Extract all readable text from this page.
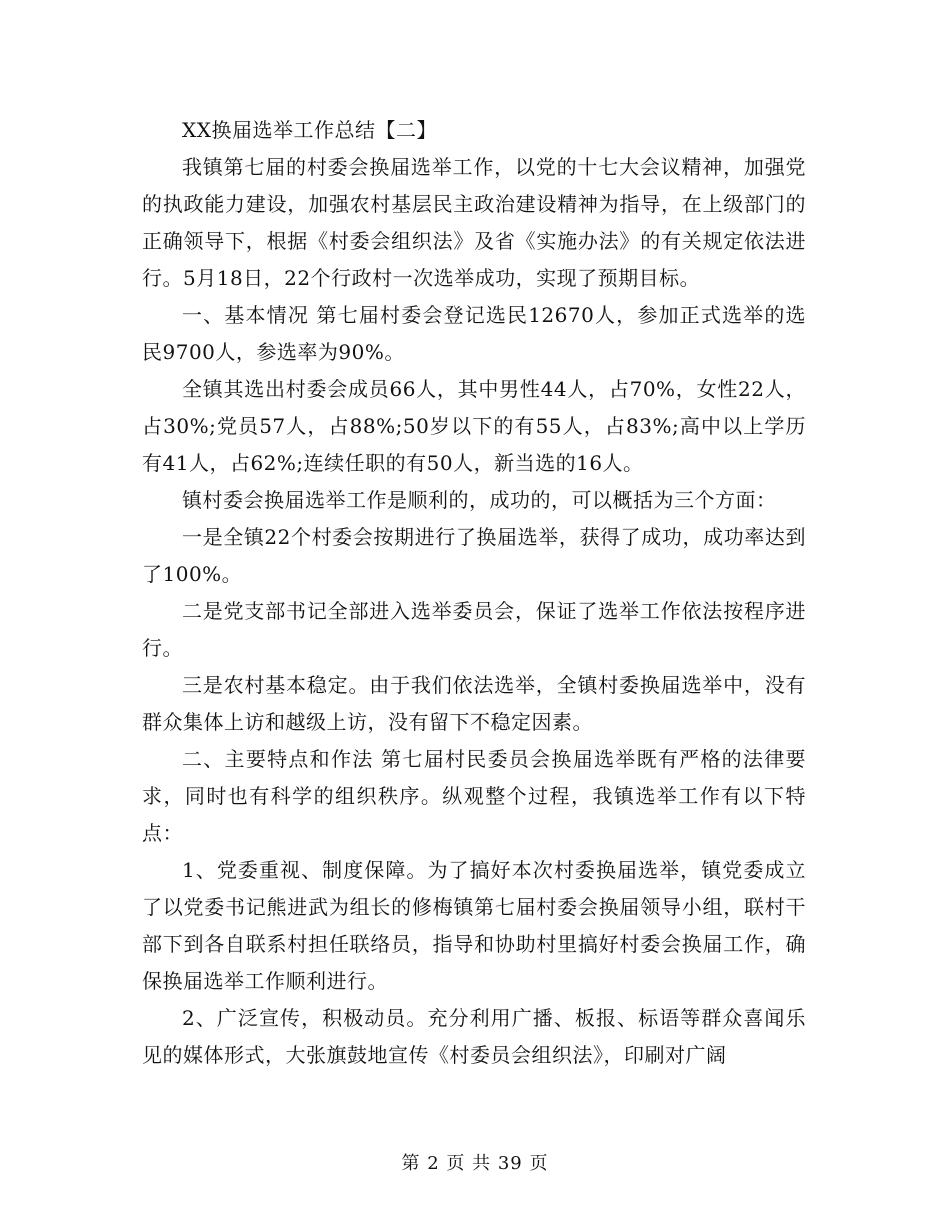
XX换届选举工作总结【二】

我镇第七届的村委会换届选举工作，以党的十七大会议精神，加强党的执政能力建设，加强农村基层民主政治建设精神为指导，在上级部门的正确领导下，根据《村委会组织法》及省《实施办法》的有关规定依法进行。5月18日，22个行政村一次选举成功，实现了预期目标。

一、基本情况 第七届村委会登记选民12670人，参加正式选举的选民9700人，参选率为90%。

全镇其选出村委会成员66人，其中男性44人，占70%，女性22人，占30%;党员57人，占88%;50岁以下的有55人，占83%;高中以上学历有41人，占62%;连续任职的有50人，新当选的16人。

镇村委会换届选举工作是顺利的，成功的，可以概括为三个方面：

一是全镇22个村委会按期进行了换届选举，获得了成功，成功率达到了100%。

二是党支部书记全部进入选举委员会，保证了选举工作依法按程序进行。

三是农村基本稳定。由于我们依法选举，全镇村委换届选举中，没有群众集体上访和越级上访，没有留下不稳定因素。

二、主要特点和作法 第七届村民委员会换届选举既有严格的法律要求，同时也有科学的组织秩序。纵观整个过程，我镇选举工作有以下特点：

1、党委重视、制度保障。为了搞好本次村委换届选举，镇党委成立了以党委书记熊进武为组长的修梅镇第七届村委会换届领导小组，联村干部下到各自联系村担任联络员，指导和协助村里搞好村委会换届工作，确保换届选举工作顺利进行。

2、广泛宣传，积极动员。充分利用广播、板报、标语等群众喜闻乐见的媒体形式，大张旗鼓地宣传《村委员会组织法》，印刷对广阔

第 2 页 共 39 页
